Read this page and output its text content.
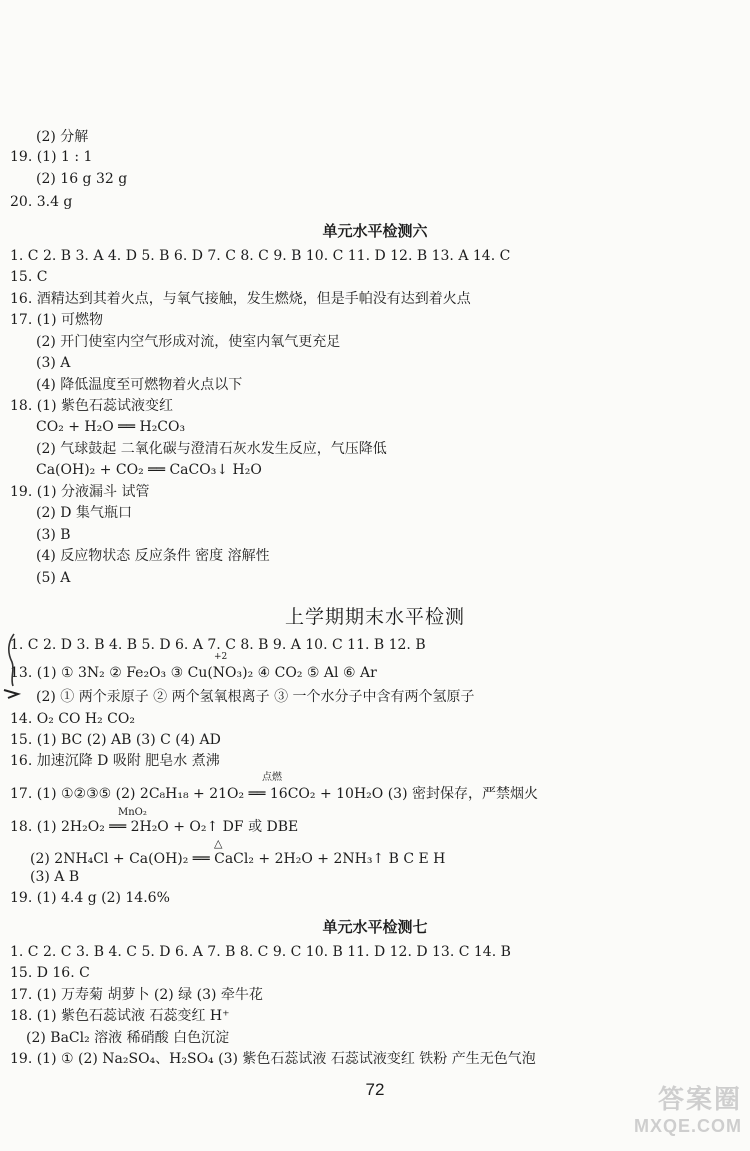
(2) 分解
19. (1) 1 : 1
(2) 16 g 32 g
20. 3.4 g
单元水平检测六
1. C 2. B 3. A 4. D 5. B 6. D 7. C 8. C 9. B 10. C 11. D 12. B 13. A 14. C
15. C
16. 酒精达到其着火点，与氧气接触，发生燃烧，但是手帕没有达到着火点
17. (1) 可燃物
(2) 开门使室内空气形成对流，使室内氧气更充足
(3) A
(4) 降低温度至可燃物着火点以下
18. (1) 紫色石蕊试液变红
CO₂ + H₂O ══ H₂CO₃
(2) 气球鼓起 二氧化碳与澄清石灰水发生反应，气压降低
Ca(OH)₂ + CO₂ ══ CaCO₃↓ H₂O
19. (1) 分液漏斗 试管
(2) D 集气瓶口
(3) B
(4) 反应物状态 反应条件 密度 溶解性
(5) A
上学期期末水平检测
1. C 2. D 3. B 4. B 5. D 6. A 7. C 8. B 9. A 10. C 11. B 12. B
+2
13. (1) ① 3N₂ ② Fe₂O₃ ③ Cu(NO₃)₂ ④ CO₂ ⑤ Al ⑥ Ar
(2) ① 两个汞原子 ② 两个氢氧根离子 ③ 一个水分子中含有两个氢原子
14. O₂ CO H₂ CO₂
15. (1) BC (2) AB (3) C (4) AD
16. 加速沉降 D 吸附 肥皂水 煮沸
点燃
17. (1) ①②③⑤ (2) 2C₈H₁₈ + 21O₂ ══ 16CO₂ + 10H₂O (3) 密封保存，严禁烟火
MnO₂
18. (1) 2H₂O₂ ══ 2H₂O + O₂↑ DF 或 DBE
△
(2) 2NH₄Cl + Ca(OH)₂ ══ CaCl₂ + 2H₂O + 2NH₃↑ B C E H
(3) A B
19. (1) 4.4 g (2) 14.6%
单元水平检测七
1. C 2. C 3. B 4. C 5. D 6. A 7. B 8. C 9. C 10. B 11. D 12. D 13. C 14. B
15. D 16. C
17. (1) 万寿菊 胡萝卜 (2) 绿 (3) 牵牛花
18. (1) 紫色石蕊试液 石蕊变红 H⁺
(2) BaCl₂ 溶液 稀硝酸 白色沉淀
19. (1) ① (2) Na₂SO₄、H₂SO₄ (3) 紫色石蕊试液 石蕊试液变红 铁粉 产生无色气泡
72	答案圈
MXQE.COM
